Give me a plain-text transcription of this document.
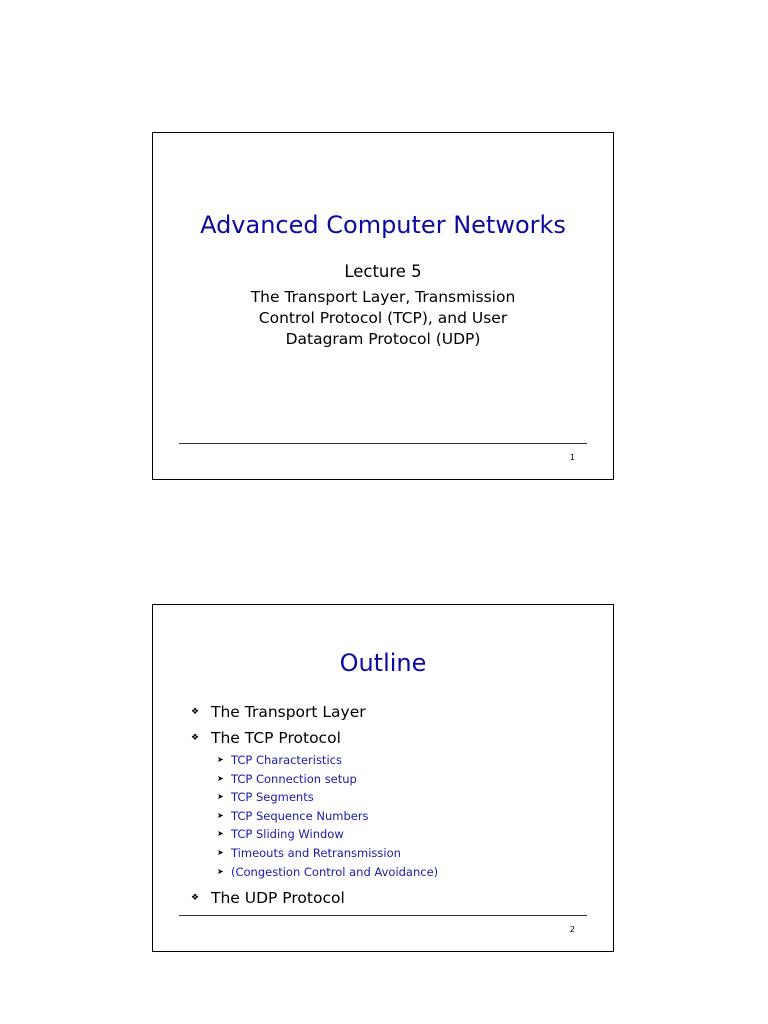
Advanced Computer Networks
Lecture 5
The Transport Layer, Transmission
Control Protocol (TCP), and User
Datagram Protocol (UDP)
1
Outline
❖ The Transport Layer
❖ The TCP Protocol
➤ TCP Characteristics
➤ TCP Connection setup
➤ TCP Segments
➤ TCP Sequence Numbers
➤ TCP Sliding Window
➤ Timeouts and Retransmission
➤ (Congestion Control and Avoidance)
❖ The UDP Protocol
2
